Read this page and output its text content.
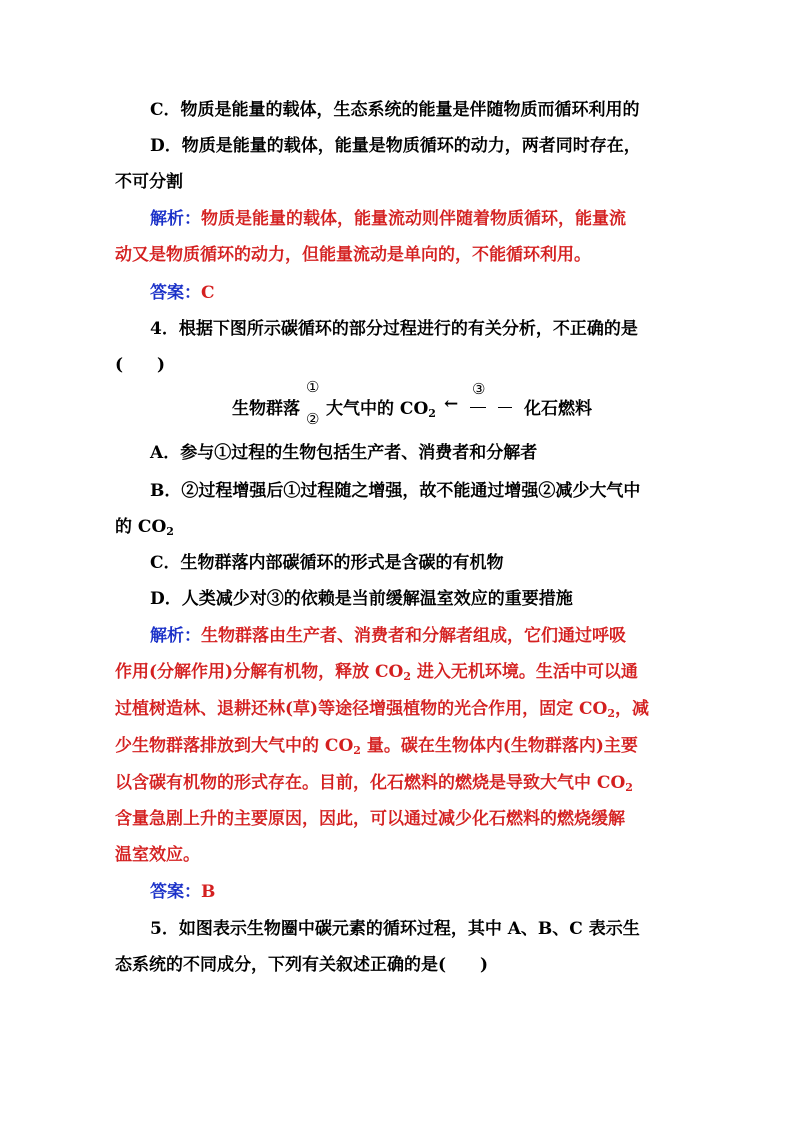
C．物质是能量的载体，生态系统的能量是伴随物质而循环利用的
D．物质是能量的载体，能量是物质循环的动力，两者同时存在，
不可分割
解析：物质是能量的载体，能量流动则伴随着物质循环，能量流
动又是物质循环的动力，但能量流动是单向的，不能循环利用。
答案：C
4．根据下图所示碳循环的部分过程进行的有关分析，不正确的是
(　　)
生物群落
①
② 大气中的 $CO_2$ ←
③
化石燃料
A．参与①过程的生物包括生产者、消费者和分解者
B．②过程增强后①过程随之增强，故不能通过增强②减少大气中
的 $CO_2$
C．生物群落内部碳循环的形式是含碳的有机物
D．人类减少对③的依赖是当前缓解温室效应的重要措施
解析：生物群落由生产者、消费者和分解者组成，它们通过呼吸
作用(分解作用)分解有机物，释放 $CO_2$ 进入无机环境。生活中可以通
过植树造林、退耕还林(草)等途径增强植物的光合作用，固定 $CO_2$，减
少生物群落排放到大气中的 $CO_2$ 量。碳在生物体内(生物群落内)主要
以含碳有机物的形式存在。目前，化石燃料的燃烧是导致大气中 $CO_2$
含量急剧上升的主要原因，因此，可以通过减少化石燃料的燃烧缓解
温室效应。
答案：B
5．如图表示生物圈中碳元素的循环过程，其中 A、B、C 表示生
态系统的不同成分，下列有关叙述正确的是(　　)
